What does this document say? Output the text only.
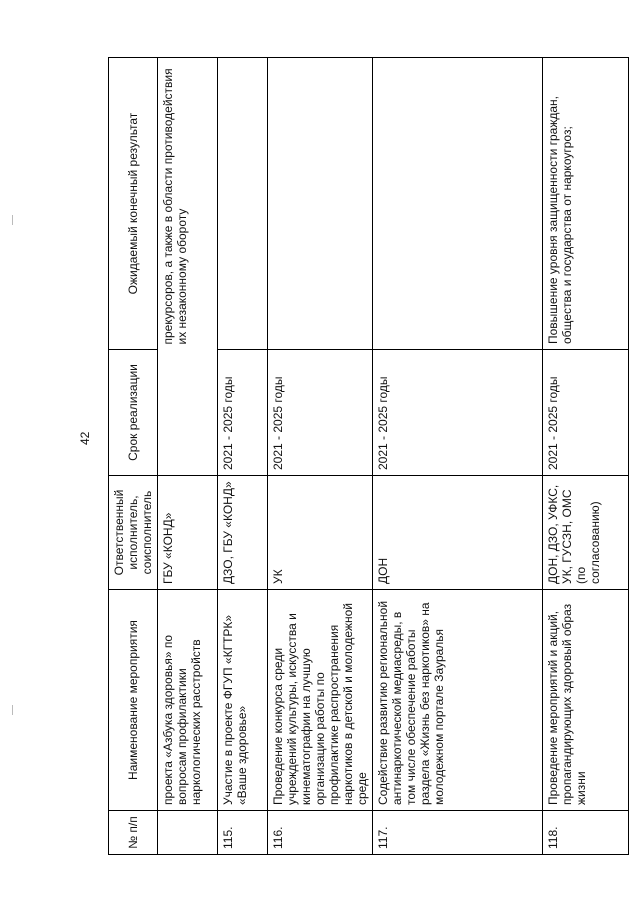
42
№ п/п	Наименование мероприятия	Ответственный исполнитель, соисполнитель	Срок реализации	Ожидаемый конечный результат
	проекта «Азбука здоровья» по вопросам профилактики наркологических расстройств	ГБУ «КОНД»		прекурсоров, а также в области противодействия их незаконному обороту
115.	Участие в проекте ФГУП «КГТРК» «Ваше здоровье»	ДЗО, ГБУ «КОНД»	2021 - 2025 годы	
116.	Проведение конкурса среди учреждений культуры, искусства и кинематографии на лучшую организацию работы по профилактике распространения наркотиков в детской и молодежной среде	УК	2021 - 2025 годы	
117.	Содействие развитию региональной антинаркотической медиасреды, в том числе обеспечение работы раздела «Жизнь без наркотиков» на молодежном портале Зауралья	ДОН	2021 - 2025 годы	
118.	Проведение мероприятий и акций, пропагандирующих здоровый образ жизни	ДОН, ДЗО, УФКС, УК, ГУСЗН, ОМС (по согласованию)	2021 - 2025 годы	Повышение уровня защищенности граждан, общества и государства от наркоугроз;
